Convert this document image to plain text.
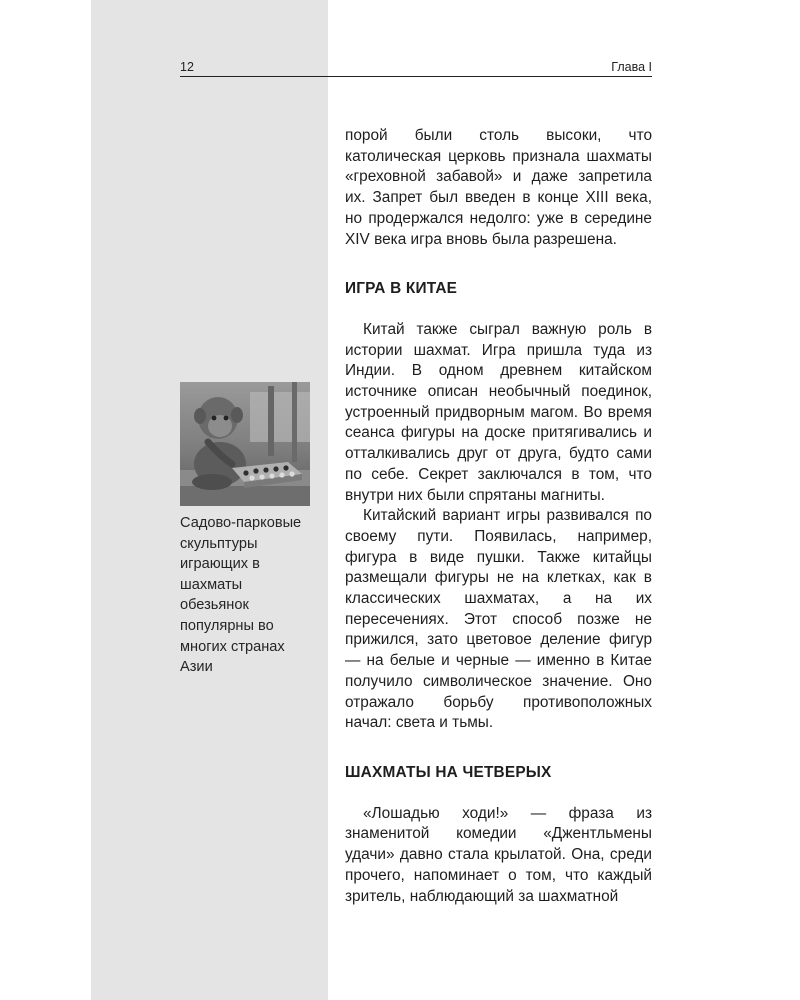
12	Глава I

Садово-парковые скульптуры играющих в шахматы обезьянок популярны во многих странах Азии

порой были столь высоки, что католическая церковь признала шахматы «греховной забавой» и даже запретила их. Запрет был введен в конце XIII века, но продержался недолго: уже в середине XIV века игра вновь была разрешена.

ИГРА В КИТАЕ

Китай также сыграл важную роль в истории шахмат. Игра пришла туда из Индии. В одном древнем китайском источнике описан необычный поединок, устроенный придворным магом. Во время сеанса фигуры на доске притягивались и отталкивались друг от друга, будто сами по себе. Секрет заключался в том, что внутри них были спрятаны магниты.

Китайский вариант игры развивался по своему пути. Появилась, например, фигура в виде пушки. Также китайцы размещали фигуры не на клетках, как в классических шахматах, а на их пересечениях. Этот способ позже не прижился, зато цветовое деление фигур — на белые и черные — именно в Китае получило символическое значение. Оно отражало борьбу противоположных начал: света и тьмы.

ШАХМАТЫ НА ЧЕТВЕРЫХ

«Лошадью ходи!» — фраза из знаменитой комедии «Джентльмены удачи» давно стала крылатой. Она, среди прочего, напоминает о том, что каждый зритель, наблюдающий за шахматной
